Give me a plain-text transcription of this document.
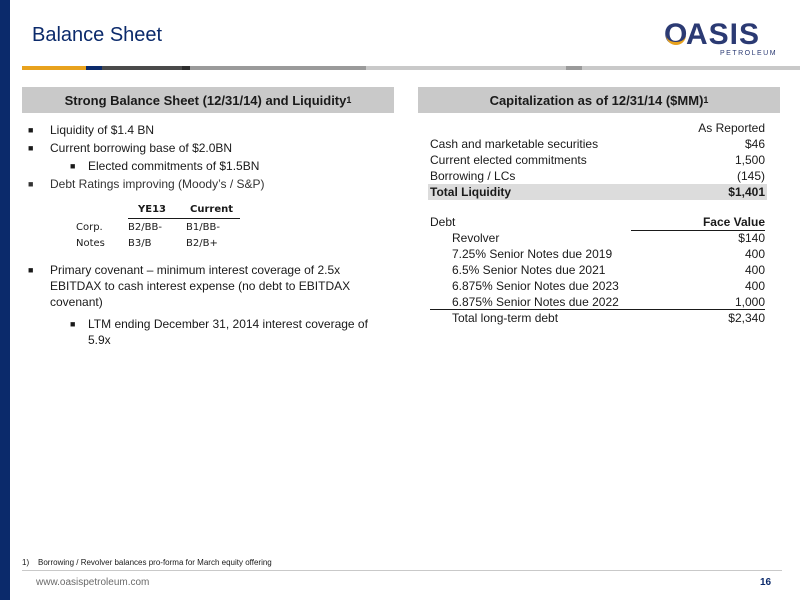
Balance Sheet	O
ASIS
PETROLEUM
Strong Balance Sheet (12/31/14) and Liquidity 1	Capitalization as of 12/31/14 ($MM) 1
■ Liquidity of $1.4 BN
■ Current borrowing base of $2.0BN
■ Elected commitments of $1.5BN
■ Debt Ratings improving (Moody’s / S&P)
YE13 Current
Corp.	B2/BB- B1/BB-
Notes B3/B	B2/B+
■ Primary covenant – minimum interest coverage of 2.5x EBITDAX to cash interest expense (no debt to EBITDAX covenant)
■ LTM ending December 31, 2014 interest coverage of 5.9x
As Reported
Cash and marketable securities	$46
Current elected commitments	1,500
Borrowing / LCs	(145)
Total Liquidity	$1,401
Debt	Face Value
Revolver	$140
7.25% Senior Notes due 2019	400
6.5% Senior Notes due 2021	400
6.875% Senior Notes due 2023	400
6.875% Senior Notes due 2022	1,000
Total long-term debt	$2,340
1)    Borrowing / Revolver balances pro-forma for March equity offering
www.oasispetroleum.com	16
